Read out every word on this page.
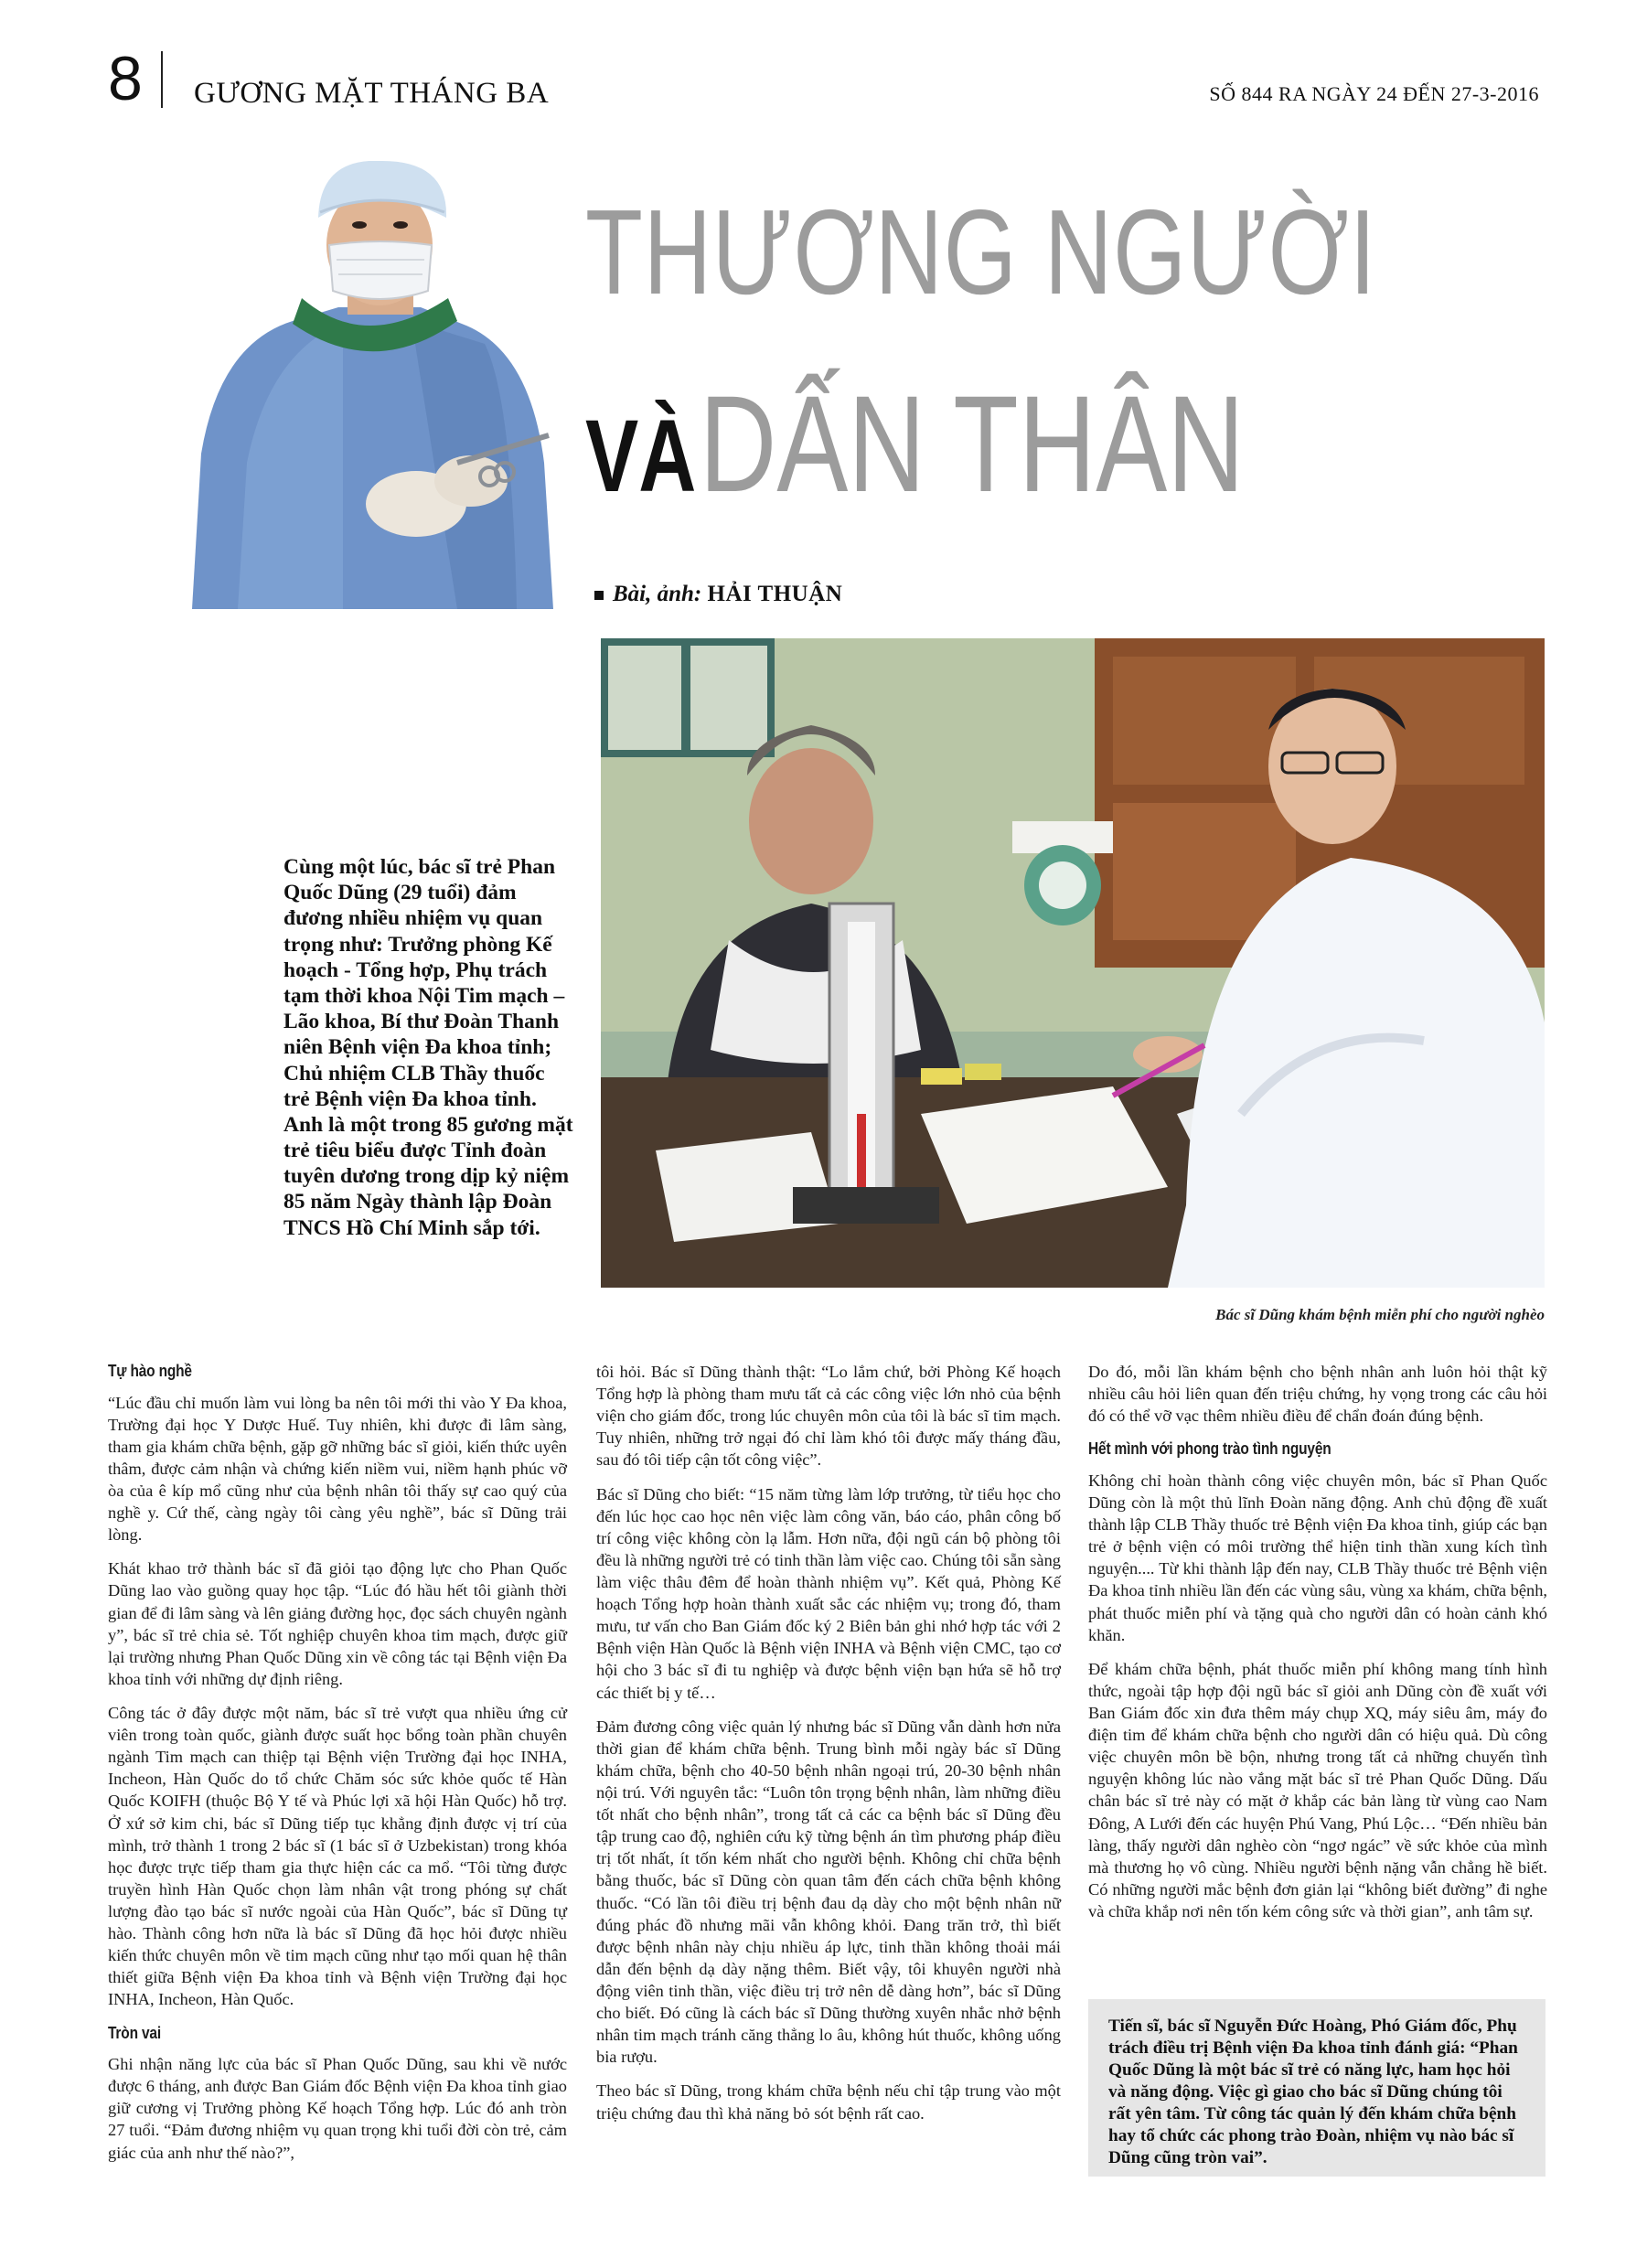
8 GƯƠNG MẶT THÁNG BA	SỐ 844 RA NGÀY 24 ĐẾN 27-3-2016
THƯƠNG NGƯỜI
VÀ DẤN THÂN
Bài, ảnh: HẢI THUẬN
Bác sĩ Dũng khám bệnh miễn phí cho người nghèo
Cùng một lúc, bác sĩ trẻ Phan Quốc Dũng (29 tuổi) đảm đương nhiều nhiệm vụ quan trọng như: Trưởng phòng Kế hoạch - Tổng hợp, Phụ trách tạm thời khoa Nội Tim mạch – Lão khoa, Bí thư Đoàn Thanh niên Bệnh viện Đa khoa tỉnh; Chủ nhiệm CLB Thầy thuốc trẻ Bệnh viện Đa khoa tỉnh. Anh là một trong 85 gương mặt trẻ tiêu biểu được Tỉnh đoàn tuyên dương trong dịp kỷ niệm 85 năm Ngày thành lập Đoàn TNCS Hồ Chí Minh sắp tới.
Tự hào nghề

“Lúc đầu chỉ muốn làm vui lòng ba nên tôi mới thi vào Y Đa khoa, Trường đại học Y Dược Huế. Tuy nhiên, khi được đi lâm sàng, tham gia khám chữa bệnh, gặp gỡ những bác sĩ giỏi, kiến thức uyên thâm, được cảm nhận và chứng kiến niềm vui, niềm hạnh phúc vỡ òa của ê kíp mổ cũng như của bệnh nhân tôi thấy sự cao quý của nghề y. Cứ thế, càng ngày tôi càng yêu nghề”, bác sĩ Dũng trải lòng.

Khát khao trở thành bác sĩ đã giỏi tạo động lực cho Phan Quốc Dũng lao vào guồng quay học tập. “Lúc đó hầu hết tôi giành thời gian để đi lâm sàng và lên giảng đường học, đọc sách chuyên ngành y”, bác sĩ trẻ chia sẻ. Tốt nghiệp chuyên khoa tim mạch, được giữ lại trường nhưng Phan Quốc Dũng xin về công tác tại Bệnh viện Đa khoa tỉnh với những dự định riêng.

Công tác ở đây được một năm, bác sĩ trẻ vượt qua nhiều ứng cử viên trong toàn quốc, giành được suất học bổng toàn phần chuyên ngành Tim mạch can thiệp tại Bệnh viện Trường đại học INHA, Incheon, Hàn Quốc do tổ chức Chăm sóc sức khỏe quốc tế Hàn Quốc KOIFH (thuộc Bộ Y tế và Phúc lợi xã hội Hàn Quốc) hỗ trợ. Ở xứ sở kim chi, bác sĩ Dũng tiếp tục khẳng định được vị trí của mình, trở thành 1 trong 2 bác sĩ (1 bác sĩ ở Uzbekistan) trong khóa học được trực tiếp tham gia thực hiện các ca mổ. “Tôi từng được truyền hình Hàn Quốc chọn làm nhân vật trong phóng sự chất lượng đào tạo bác sĩ nước ngoài của Hàn Quốc”, bác sĩ Dũng tự hào. Thành công hơn nữa là bác sĩ Dũng đã học hỏi được nhiều kiến thức chuyên môn về tim mạch cũng như tạo mối quan hệ thân thiết giữa Bệnh viện Đa khoa tỉnh và Bệnh viện Trường đại học INHA, Incheon, Hàn Quốc.

Tròn vai

Ghi nhận năng lực của bác sĩ Phan Quốc Dũng, sau khi về nước được 6 tháng, anh được Ban Giám đốc Bệnh viện Đa khoa tỉnh giao giữ cương vị Trưởng phòng Kế hoạch Tổng hợp. Lúc đó anh tròn 27 tuổi. “Đảm đương nhiệm vụ quan trọng khi tuổi đời còn trẻ, cảm giác của anh như thế nào?”,

tôi hỏi. Bác sĩ Dũng thành thật: “Lo lắm chứ, bởi Phòng Kế hoạch Tổng hợp là phòng tham mưu tất cả các công việc lớn nhỏ của bệnh viện cho giám đốc, trong lúc chuyên môn của tôi là bác sĩ tim mạch. Tuy nhiên, những trở ngại đó chỉ làm khó tôi được mấy tháng đầu, sau đó tôi tiếp cận tốt công việc”.

Bác sĩ Dũng cho biết: “15 năm từng làm lớp trưởng, từ tiểu học cho đến lúc học cao học nên việc làm công văn, báo cáo, phân công bố trí công việc không còn lạ lẫm. Hơn nữa, đội ngũ cán bộ phòng tôi đều là những người trẻ có tinh thần làm việc cao. Chúng tôi sẵn sàng làm việc thâu đêm để hoàn thành nhiệm vụ”. Kết quả, Phòng Kế hoạch Tổng hợp hoàn thành xuất sắc các nhiệm vụ; trong đó, tham mưu, tư vấn cho Ban Giám đốc ký 2 Biên bản ghi nhớ hợp tác với 2 Bệnh viện Hàn Quốc là Bệnh viện INHA và Bệnh viện CMC, tạo cơ hội cho 3 bác sĩ đi tu nghiệp và được bệnh viện bạn hứa sẽ hỗ trợ các thiết bị y tế…

Đảm đương công việc quản lý nhưng bác sĩ Dũng vẫn dành hơn nửa thời gian để khám chữa bệnh. Trung bình mỗi ngày bác sĩ Dũng khám chữa, bệnh cho 40-50 bệnh nhân ngoại trú, 20-30 bệnh nhân nội trú. Với nguyên tắc: “Luôn tôn trọng bệnh nhân, làm những điều tốt nhất cho bệnh nhân”, trong tất cả các ca bệnh bác sĩ Dũng đều tập trung cao độ, nghiên cứu kỹ từng bệnh án tìm phương pháp điều trị tốt nhất, ít tốn kém nhất cho người bệnh. Không chỉ chữa bệnh bằng thuốc, bác sĩ Dũng còn quan tâm đến cách chữa bệnh không thuốc. “Có lần tôi điều trị bệnh đau dạ dày cho một bệnh nhân nữ đúng phác đồ nhưng mãi vẫn không khỏi. Đang trăn trở, thì biết được bệnh nhân này chịu nhiều áp lực, tinh thần không thoải mái dẫn đến bệnh dạ dày nặng thêm. Biết vậy, tôi khuyên người nhà động viên tinh thần, việc điều trị trở nên dễ dàng hơn”, bác sĩ Dũng cho biết. Đó cũng là cách bác sĩ Dũng thường xuyên nhắc nhở bệnh nhân tim mạch tránh căng thẳng lo âu, không hút thuốc, không uống bia rượu.

Theo bác sĩ Dũng, trong khám chữa bệnh nếu chỉ tập trung vào một triệu chứng đau thì khả năng bỏ sót bệnh rất cao.

Do đó, mỗi lần khám bệnh cho bệnh nhân anh luôn hỏi thật kỹ nhiều câu hỏi liên quan đến triệu chứng, hy vọng trong các câu hỏi đó có thể vỡ vạc thêm nhiều điều để chẩn đoán đúng bệnh.

Hết mình với phong trào tình nguyện

Không chỉ hoàn thành công việc chuyên môn, bác sĩ Phan Quốc Dũng còn là một thủ lĩnh Đoàn năng động. Anh chủ động đề xuất thành lập CLB Thầy thuốc trẻ Bệnh viện Đa khoa tỉnh, giúp các bạn trẻ ở bệnh viện có môi trường thể hiện tinh thần xung kích tình nguyện.... Từ khi thành lập đến nay, CLB Thầy thuốc trẻ Bệnh viện Đa khoa tỉnh nhiều lần đến các vùng sâu, vùng xa khám, chữa bệnh, phát thuốc miễn phí và tặng quà cho người dân có hoàn cảnh khó khăn.

Để khám chữa bệnh, phát thuốc miễn phí không mang tính hình thức, ngoài tập hợp đội ngũ bác sĩ giỏi anh Dũng còn đề xuất với Ban Giám đốc xin đưa thêm máy chụp XQ, máy siêu âm, máy đo điện tim để khám chữa bệnh cho người dân có hiệu quả. Dù công việc chuyên môn bề bộn, nhưng trong tất cả những chuyến tình nguyện không lúc nào vắng mặt bác sĩ trẻ Phan Quốc Dũng. Dấu chân bác sĩ trẻ này có mặt ở khắp các bản làng từ vùng cao Nam Đông, A Lưới đến các huyện Phú Vang, Phú Lộc… “Đến nhiều bản làng, thấy người dân nghèo còn “ngơ ngác” về sức khỏe của mình mà thương họ vô cùng. Nhiều người bệnh nặng vẫn chẳng hề biết. Có những người mắc bệnh đơn giản lại “không biết đường” đi nghe và chữa khắp nơi nên tốn kém công sức và thời gian”, anh tâm sự.

Tiến sĩ, bác sĩ Nguyễn Đức Hoàng, Phó Giám đốc, Phụ trách điều trị Bệnh viện Đa khoa tỉnh đánh giá: “Phan Quốc Dũng là một bác sĩ trẻ có năng lực, ham học hỏi và năng động. Việc gì giao cho bác sĩ Dũng chúng tôi rất yên tâm. Từ công tác quản lý đến khám chữa bệnh hay tổ chức các phong trào Đoàn, nhiệm vụ nào bác sĩ Dũng cũng tròn vai”.
